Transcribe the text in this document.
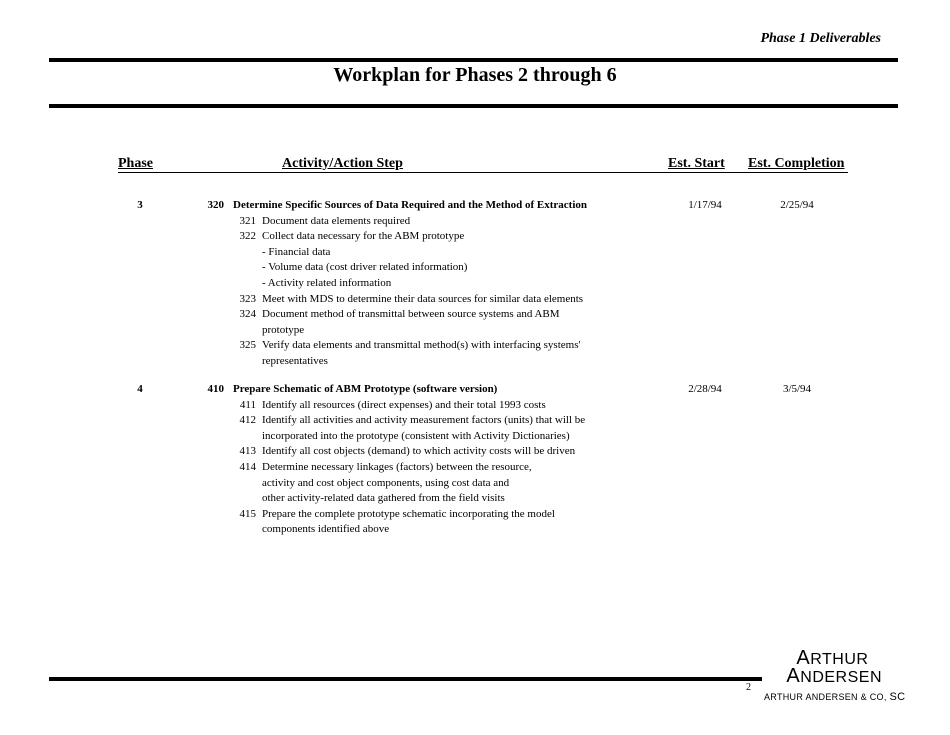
Phase 1 Deliverables
Workplan for Phases 2 through 6
Phase	Activity/Action Step	Est. Start Est. Completion
3	320 Determine Specific Sources of Data Required and the Method of Extraction	1/17/94	2/25/94
321 Document data elements required
322 Collect data necessary for the ABM prototype
- Financial data
- Volume data (cost driver related information)
- Activity related information
323 Meet with MDS to determine their data sources for similar data elements
324 Document method of transmittal between source systems and ABM
prototype
325 Verify data elements and transmittal method(s) with interfacing systems'
representatives
4	410 Prepare Schematic of ABM Prototype (software version)	2/28/94	3/5/94
411 Identify all resources (direct expenses) and their total 1993 costs
412 Identify all activities and activity measurement factors (units) that will be
incorporated into the prototype (consistent with Activity Dictionaries)
413 Identify all cost objects (demand) to which activity costs will be driven
414 Determine necessary linkages (factors) between the resource,
activity and cost object components, using cost data and
other activity-related data gathered from the field visits
415 Prepare the complete prototype schematic incorporating the model
components identified above
2
ARTHUR
ANDERSEN
ARTHUR ANDERSEN & CO, SC
